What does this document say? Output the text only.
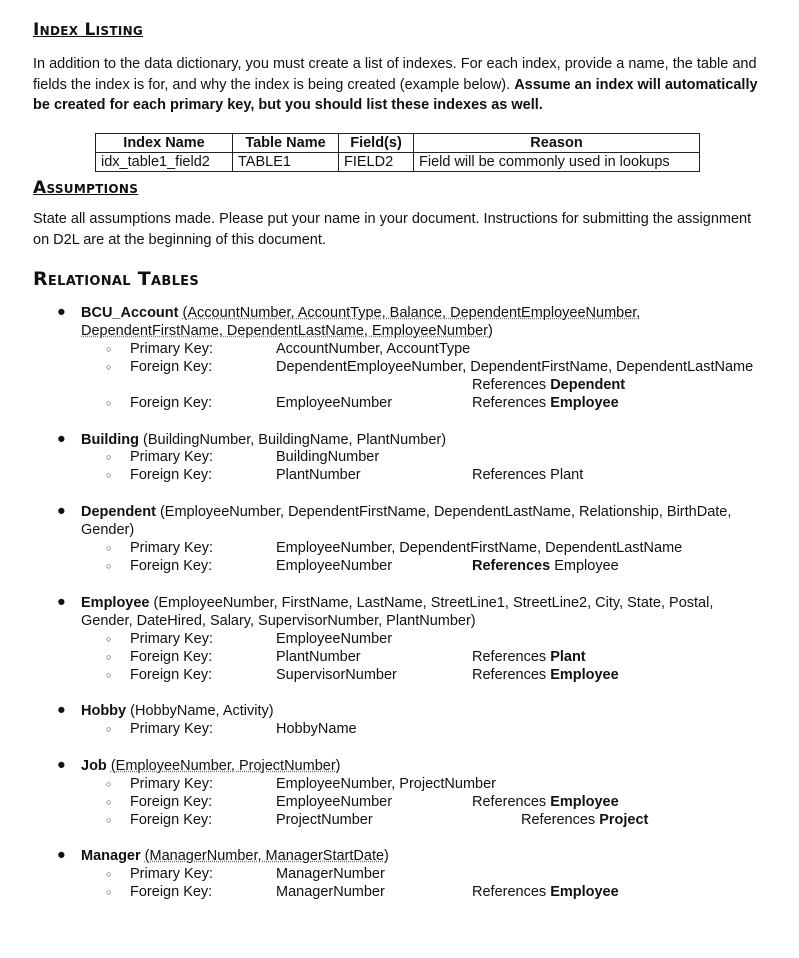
Index Listing

In addition to the data dictionary, you must create a list of indexes. For each index, provide a name, the table and fields the index is for, and why the index is being created (example below). Assume an index will automatically be created for each primary key, but you should list these indexes as well.

Index Name	Table Name	Field(s)	Reason
idx_table1_field2	TABLE1	FIELD2	Field will be commonly used in lookups
Assumptions

State all assumptions made. Please put your name in your document. Instructions for submitting the assignment on D2L are at the beginning of this document.

Relational Tables
● BCU_Account (AccountNumber, AccountType, Balance, DependentEmployeeNumber,
DependentFirstName, DependentLastName, EmployeeNumber)
○ Primary Key:	AccountNumber, AccountType
○ Foreign Key:	DependentEmployeeNumber, DependentFirstName, DependentLastName
References Dependent
○ Foreign Key:	EmployeeNumber	References Employee
● Building (BuildingNumber, BuildingName, PlantNumber)
○ Primary Key:	BuildingNumber
○ Foreign Key:	PlantNumber	References Plant
● Dependent (EmployeeNumber, DependentFirstName, DependentLastName, Relationship, BirthDate,
Gender)
○ Primary Key:	EmployeeNumber, DependentFirstName, DependentLastName
○ Foreign Key:	EmployeeNumber	References Employee
● Employee (EmployeeNumber, FirstName, LastName, StreetLine1, StreetLine2, City, State, Postal,
Gender, DateHired, Salary, SupervisorNumber, PlantNumber)
○ Primary Key:	EmployeeNumber
○ Foreign Key:	PlantNumber	References Plant
○ Foreign Key:	SupervisorNumber	References Employee
● Hobby (HobbyName, Activity)
○ Primary Key:	HobbyName
● Job (EmployeeNumber, ProjectNumber)
○ Primary Key:	EmployeeNumber, ProjectNumber
○ Foreign Key:	EmployeeNumber	References Employee
○ Foreign Key:	ProjectNumber	References Project
● Manager (ManagerNumber, ManagerStartDate)
○ Primary Key:	ManagerNumber
○ Foreign Key:	ManagerNumber	References Employee
